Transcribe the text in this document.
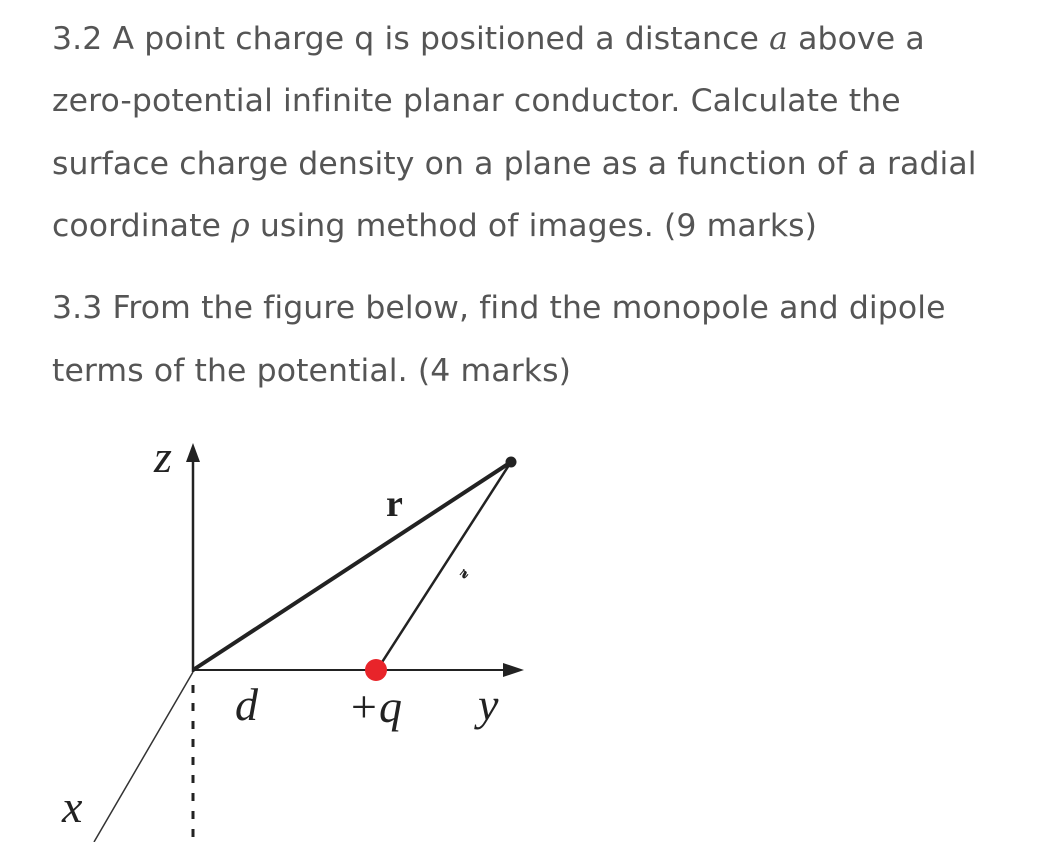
3.2 A point charge q is positioned a distance a above a
zero-potential infinite planar conductor. Calculate the
surface charge density on a plane as a function of a radial
coordinate ρ using method of images. (9 marks)
3.3 From the figure below, find the monopole and dipole
terms of the potential. (4 marks)
z
r
𝓇
d +q y
x
